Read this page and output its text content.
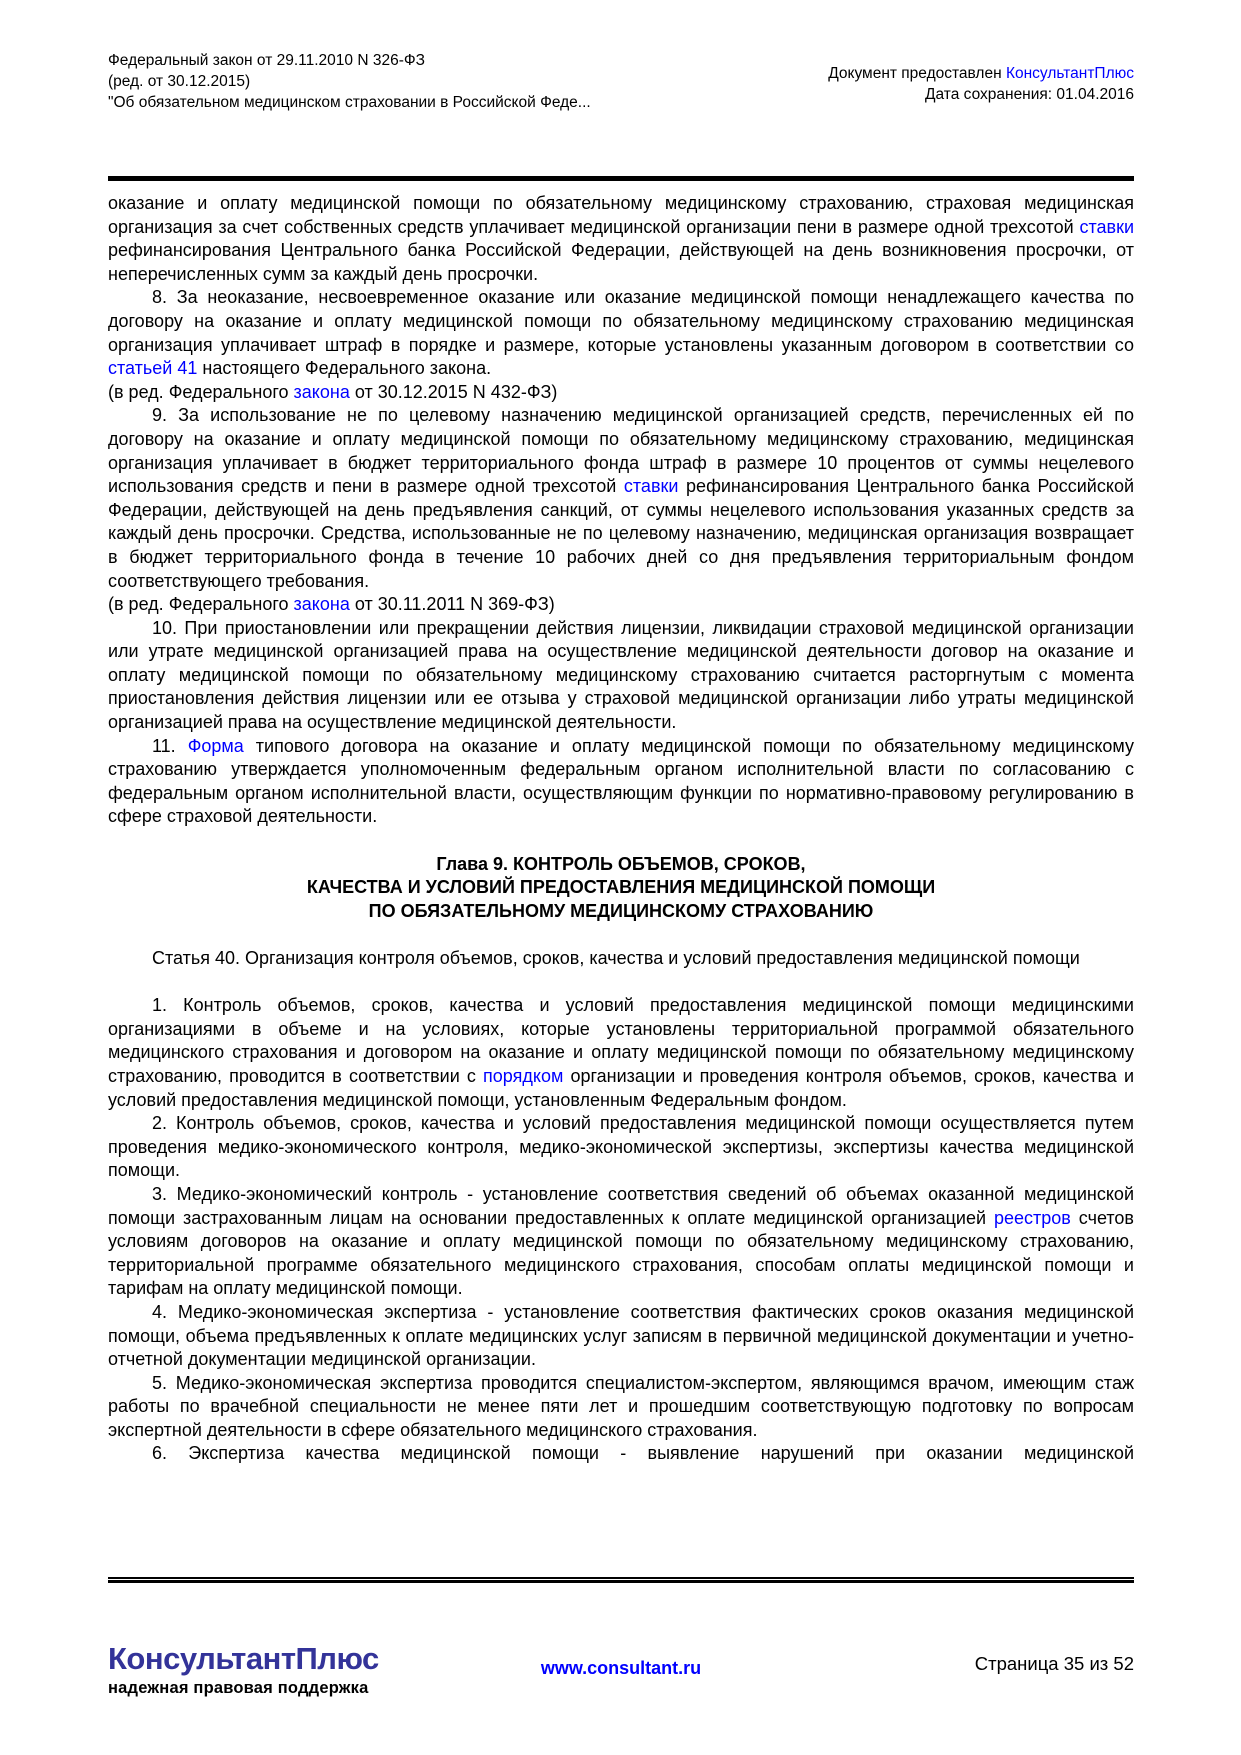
Федеральный закон от 29.11.2010 N 326-ФЗ
(ред. от 30.12.2015)
"Об обязательном медицинском страховании в Российской Феде...
Документ предоставлен КонсультантПлюс
Дата сохранения: 01.04.2016
оказание и оплату медицинской помощи по обязательному медицинскому страхованию, страховая медицинская организация за счет собственных средств уплачивает медицинской организации пени в размере одной трехсотой ставки рефинансирования Центрального банка Российской Федерации, действующей на день возникновения просрочки, от неперечисленных сумм за каждый день просрочки.
8. За неоказание, несвоевременное оказание или оказание медицинской помощи ненадлежащего качества по договору на оказание и оплату медицинской помощи по обязательному медицинскому страхованию медицинская организация уплачивает штраф в порядке и размере, которые установлены указанным договором в соответствии со статьей 41 настоящего Федерального закона.
(в ред. Федерального закона от 30.12.2015 N 432-ФЗ)
9. За использование не по целевому назначению медицинской организацией средств, перечисленных ей по договору на оказание и оплату медицинской помощи по обязательному медицинскому страхованию, медицинская организация уплачивает в бюджет территориального фонда штраф в размере 10 процентов от суммы нецелевого использования средств и пени в размере одной трехсотой ставки рефинансирования Центрального банка Российской Федерации, действующей на день предъявления санкций, от суммы нецелевого использования указанных средств за каждый день просрочки. Средства, использованные не по целевому назначению, медицинская организация возвращает в бюджет территориального фонда в течение 10 рабочих дней со дня предъявления территориальным фондом соответствующего требования.
(в ред. Федерального закона от 30.11.2011 N 369-ФЗ)
10. При приостановлении или прекращении действия лицензии, ликвидации страховой медицинской организации или утрате медицинской организацией права на осуществление медицинской деятельности договор на оказание и оплату медицинской помощи по обязательному медицинскому страхованию считается расторгнутым с момента приостановления действия лицензии или ее отзыва у страховой медицинской организации либо утраты медицинской организацией права на осуществление медицинской деятельности.
11. Форма типового договора на оказание и оплату медицинской помощи по обязательному медицинскому страхованию утверждается уполномоченным федеральным органом исполнительной власти по согласованию с федеральным органом исполнительной власти, осуществляющим функции по нормативно-правовому регулированию в сфере страховой деятельности.
Глава 9. КОНТРОЛЬ ОБЪЕМОВ, СРОКОВ,
КАЧЕСТВА И УСЛОВИЙ ПРЕДОСТАВЛЕНИЯ МЕДИЦИНСКОЙ ПОМОЩИ
ПО ОБЯЗАТЕЛЬНОМУ МЕДИЦИНСКОМУ СТРАХОВАНИЮ
Статья 40. Организация контроля объемов, сроков, качества и условий предоставления медицинской помощи
1. Контроль объемов, сроков, качества и условий предоставления медицинской помощи медицинскими организациями в объеме и на условиях, которые установлены территориальной программой обязательного медицинского страхования и договором на оказание и оплату медицинской помощи по обязательному медицинскому страхованию, проводится в соответствии с порядком организации и проведения контроля объемов, сроков, качества и условий предоставления медицинской помощи, установленным Федеральным фондом.
2. Контроль объемов, сроков, качества и условий предоставления медицинской помощи осуществляется путем проведения медико-экономического контроля, медико-экономической экспертизы, экспертизы качества медицинской помощи.
3. Медико-экономический контроль - установление соответствия сведений об объемах оказанной медицинской помощи застрахованным лицам на основании предоставленных к оплате медицинской организацией реестров счетов условиям договоров на оказание и оплату медицинской помощи по обязательному медицинскому страхованию, территориальной программе обязательного медицинского страхования, способам оплаты медицинской помощи и тарифам на оплату медицинской помощи.
4. Медико-экономическая экспертиза - установление соответствия фактических сроков оказания медицинской помощи, объема предъявленных к оплате медицинских услуг записям в первичной медицинской документации и учетно-отчетной документации медицинской организации.
5. Медико-экономическая экспертиза проводится специалистом-экспертом, являющимся врачом, имеющим стаж работы по врачебной специальности не менее пяти лет и прошедшим соответствующую подготовку по вопросам экспертной деятельности в сфере обязательного медицинского страхования.
6. Экспертиза качества медицинской помощи - выявление нарушений при оказании медицинской
КонсультантПлюс
надежная правовая поддержка
www.consultant.ru	Страница 35 из 52
